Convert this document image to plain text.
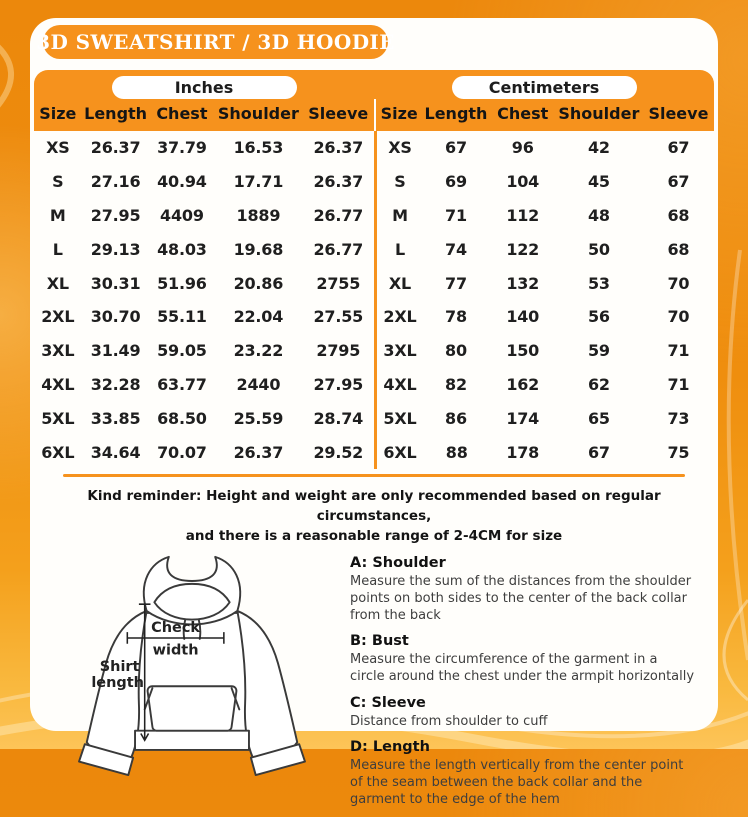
3D SWEATSHIRT / 3D HOODIE
Inches
Size	Length	Chest	Shoulder	Sleeve
XS	26.37	37.79	16.53	26.37
S	27.16	40.94	17.71	26.37
M	27.95	4409	1889	26.77
L	29.13	48.03	19.68	26.77
XL	30.31	51.96	20.86	2755
2XL	30.70	55.11	22.04	27.55
3XL	31.49	59.05	23.22	2795
4XL	32.28	63.77	2440	27.95
5XL	33.85	68.50	25.59	28.74
6XL	34.64	70.07	26.37	29.52
Centimeters
Size	Length	Chest	Shoulder	Sleeve
XS	67	96	42	67
S	69	104	45	67
M	71	112	48	68
L	74	122	50	68
XL	77	132	53	70
2XL	78	140	56	70
3XL	80	150	59	71
4XL	82	162	62	71
5XL	86	174	65	73
6XL	88	178	67	75
Kind reminder: Height and weight are only recommended based on regular circumstances,
and there is a reasonable range of 2-4CM for size
Check
width
Shirt
length
A: Shoulder

Measure the sum of the distances from the shoulder points on both sides to the center of the back collar from the back

B: Bust

Measure the circumference of the garment in a circle around the chest under the armpit horizontally

C: Sleeve

Distance from shoulder to cuff

D: Length

Measure the length vertically from the center point of the seam between the back collar and the garment to the edge of the hem
